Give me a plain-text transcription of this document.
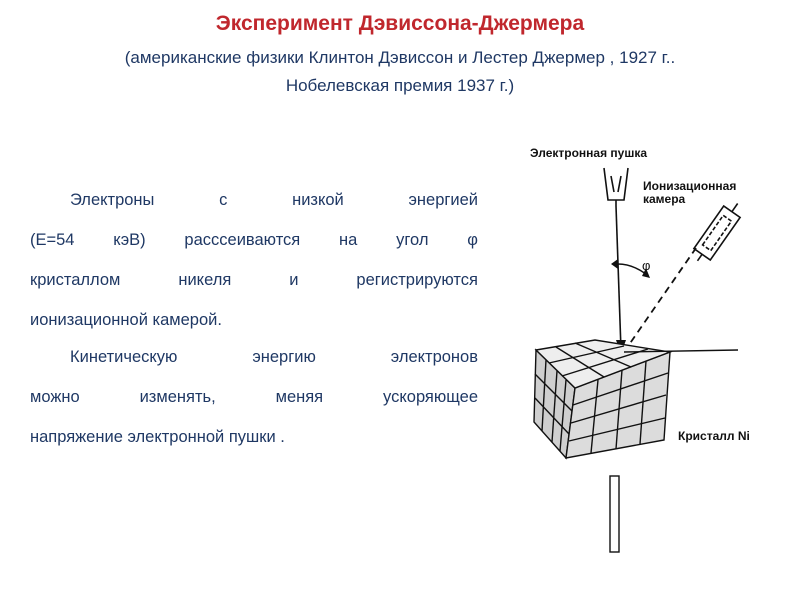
Эксперимент Дэвиссона-Джермера
(американские физики Клинтон Дэвиссон и Лестер Джермер , 1927 г..
Нобелевская премия 1937 г.)
Электроны с низкой энергией
(E=54 кэВ) расссеиваются на угол φ
кристаллом никеля и регистрируются
ионизационной камерой.
Кинетическую энергию электронов
можно изменять, меняя ускоряющее
напряжение электронной пушки .
Электронная пушка
φ
Ионизационная
камера
Кристалл Ni
